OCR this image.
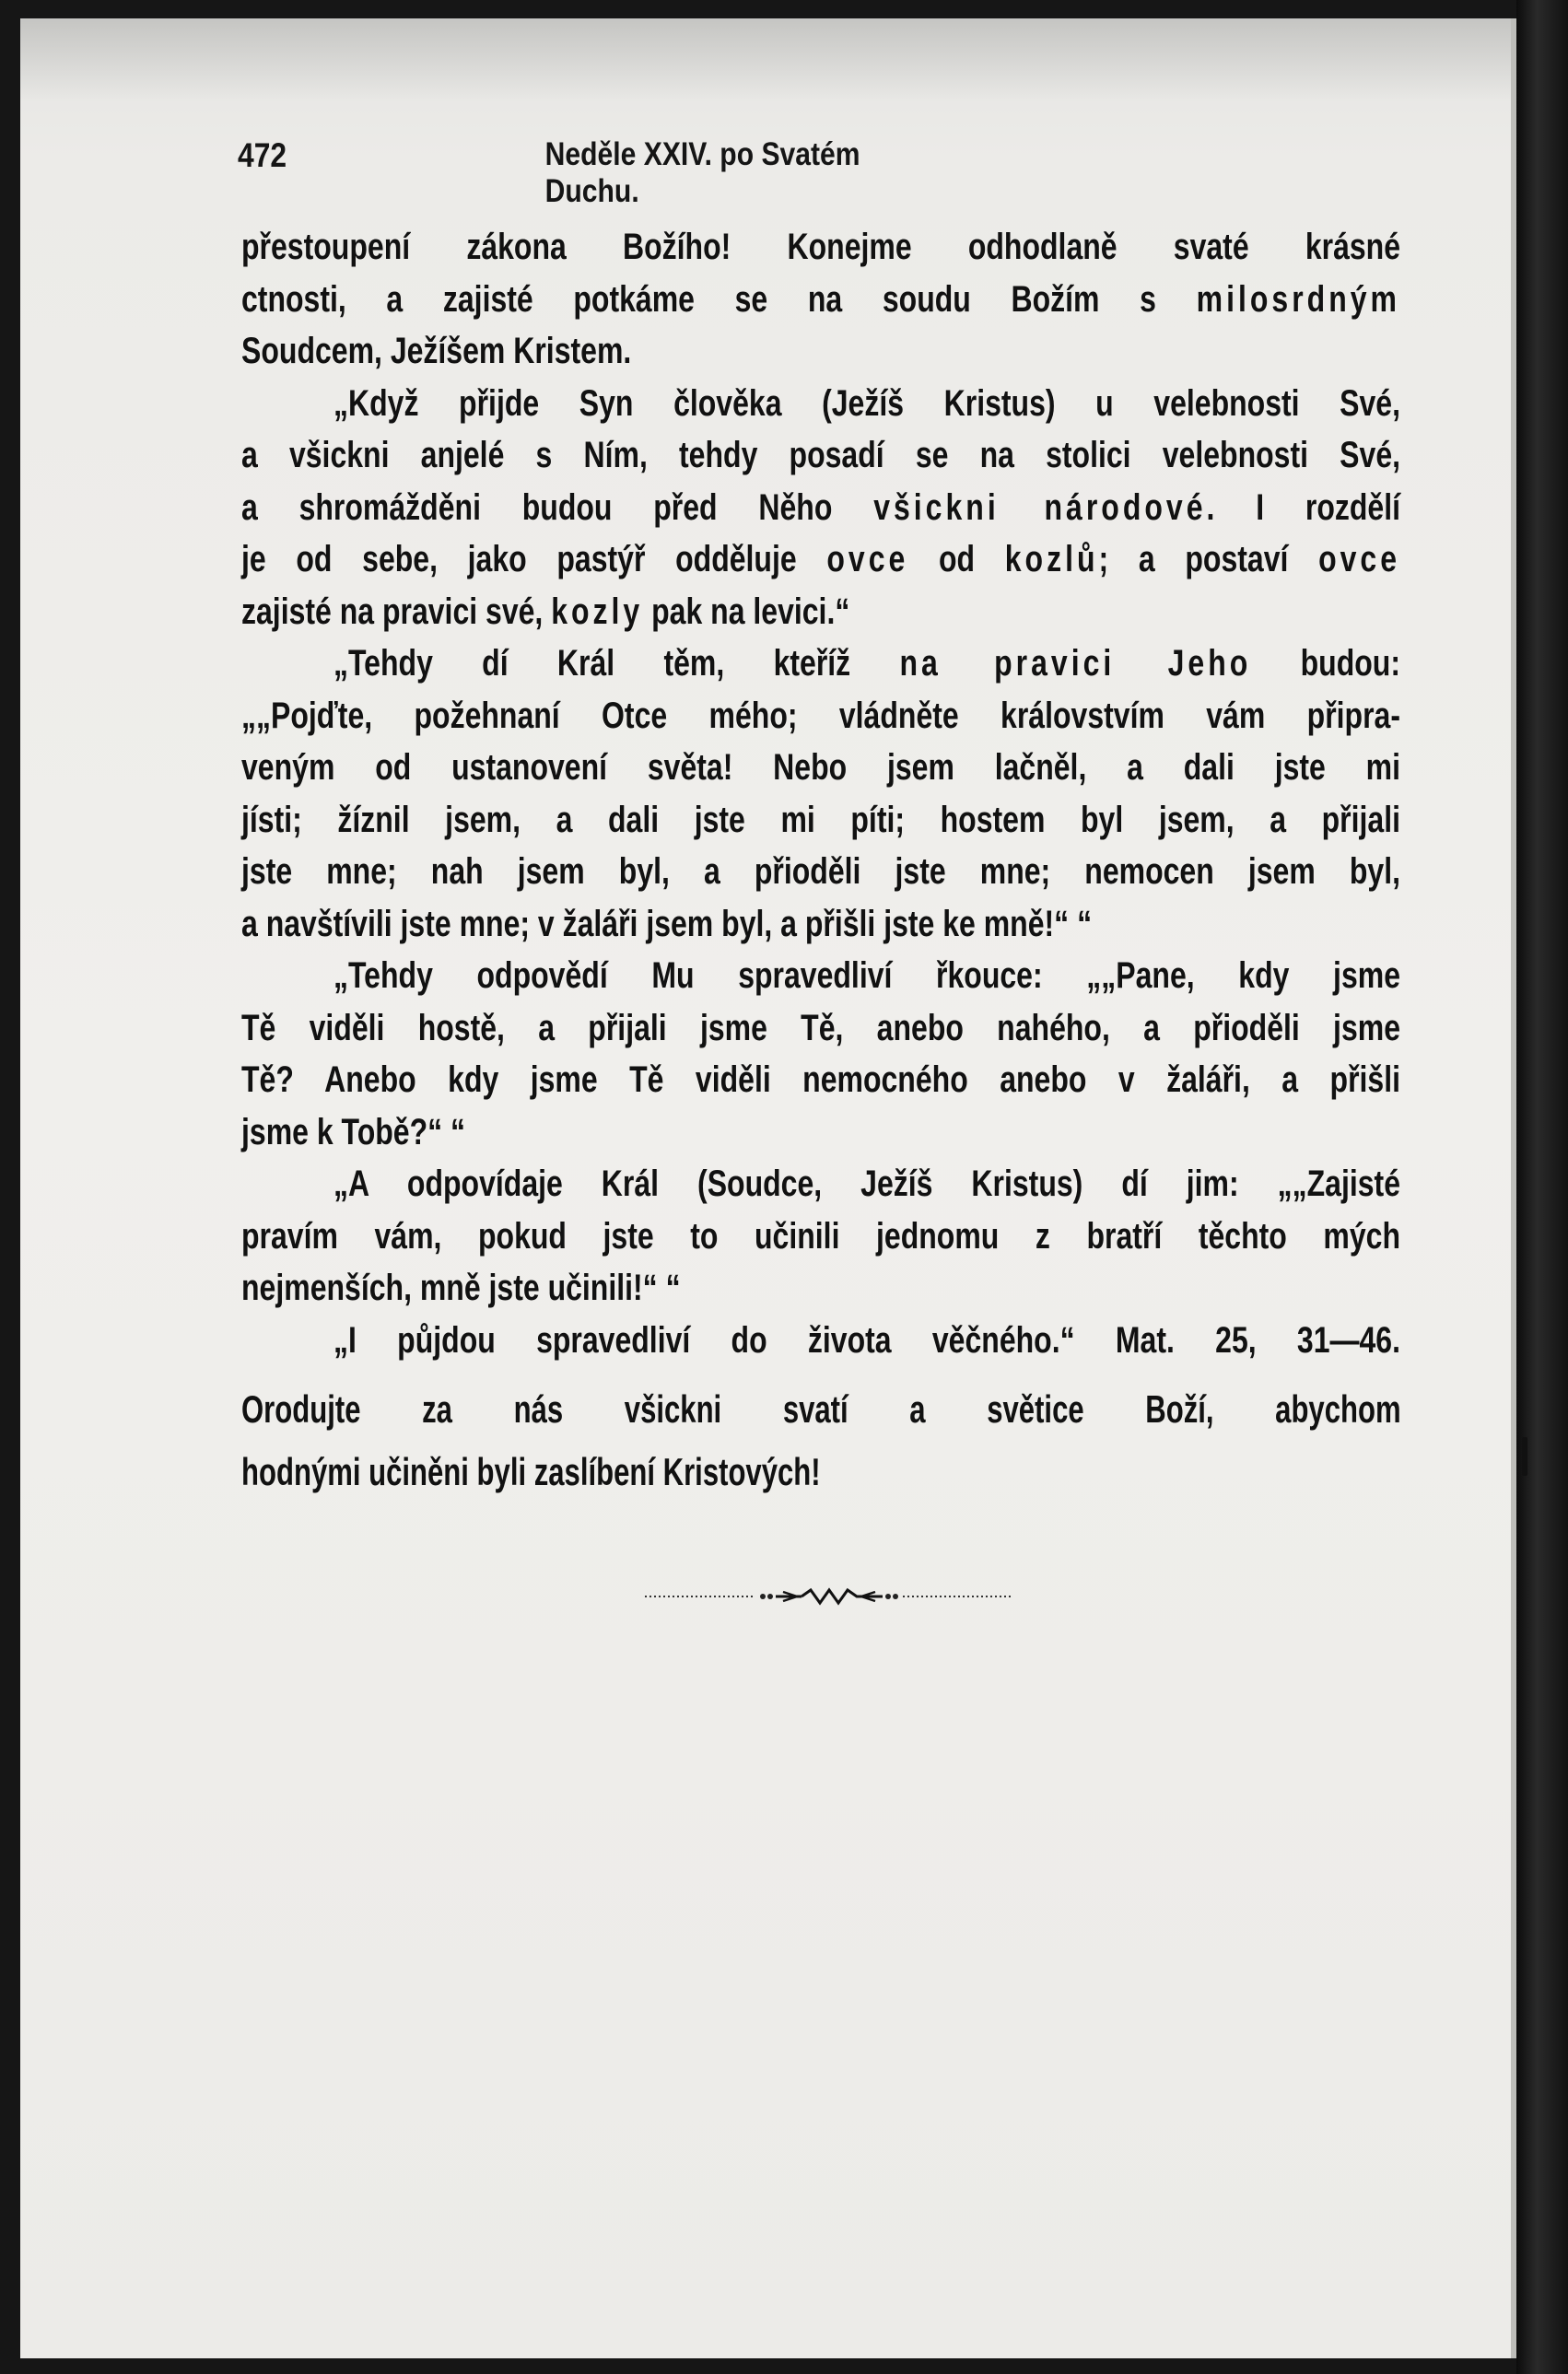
472	Neděle XXIV. po Svatém Duchu.
přestoupení zákona Božího! Konejme odhodlaně svaté krásné
ctnosti, a zajisté potkáme se na soudu Božím s milosrdným
Soudcem, Ježíšem Kristem.
„Když přijde Syn člověka (Ježíš Kristus) u velebnosti Své,
a všickni anjelé s Ním, tehdy posadí se na stolici velebnosti Své,
a shromážděni budou před Něho všickni národové. I rozdělí
je od sebe, jako pastýř odděluje ovce od kozlů; a postaví ovce
zajisté na pravici své, kozly pak na levici.“
„Tehdy dí Král těm, kteříž na pravici Jeho budou:
„„Pojďte, požehnaní Otce mého; vládněte královstvím vám připra-
veným od ustanovení světa! Nebo jsem lačněl, a dali jste mi
jísti; žíznil jsem, a dali jste mi píti; hostem byl jsem, a přijali
jste mne; nah jsem byl, a přioděli jste mne; nemocen jsem byl,
a navštívili jste mne; v žaláři jsem byl, a přišli jste ke mně!“ “
„Tehdy odpovědí Mu spravedliví řkouce: „„Pane, kdy jsme
Tě viděli hostě, a přijali jsme Tě, anebo nahého, a přioděli jsme
Tě? Anebo kdy jsme Tě viděli nemocného anebo v žaláři, a přišli
jsme k Tobě?“ “
„A odpovídaje Král (Soudce, Ježíš Kristus) dí jim: „„Zajisté
pravím vám, pokud jste to učinili jednomu z bratří těchto mých
nejmenších, mně jste učinili!“ “
„I půjdou spravedliví do života věčného.“ Mat. 25, 31—46.
Orodujte za nás všickni svatí a světice Boží, abychom
hodnými učiněni byli zaslíbení Kristových!
